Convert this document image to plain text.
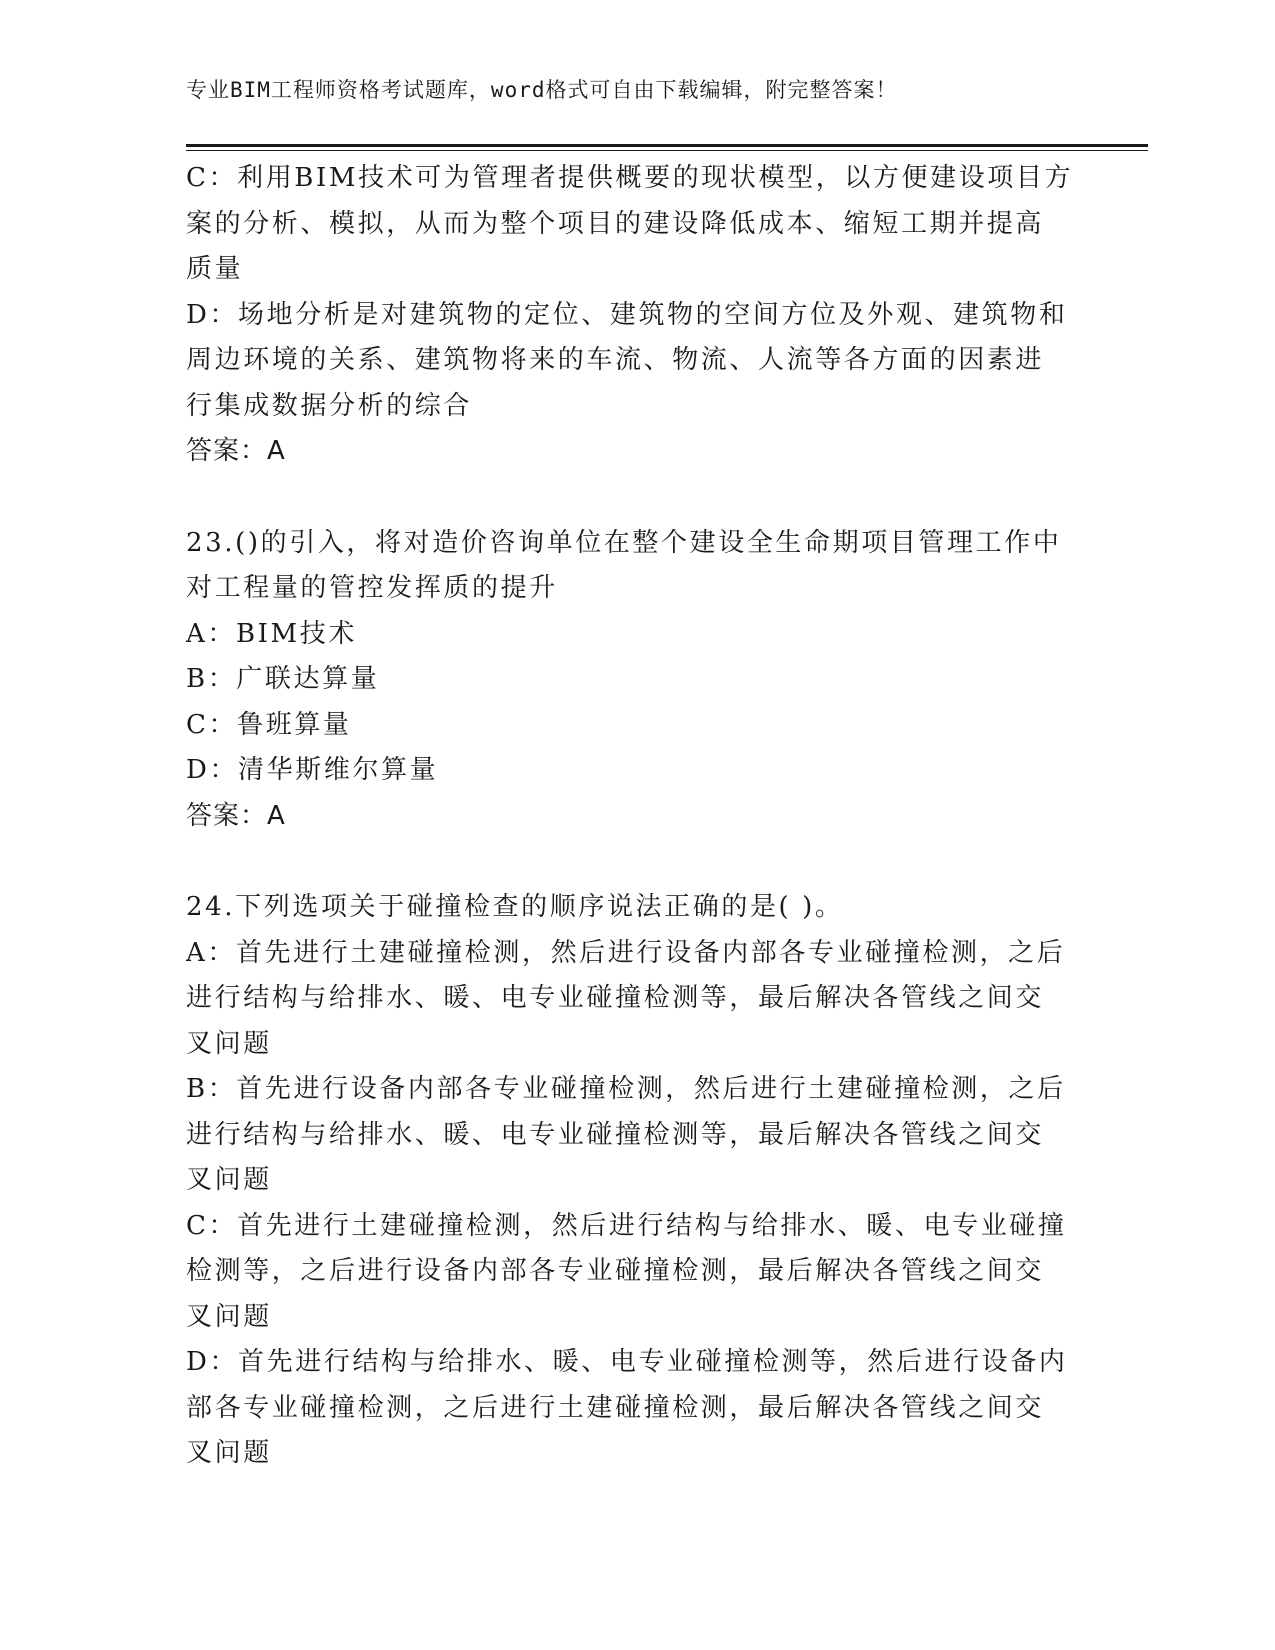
专业BIM工程师资格考试题库，word格式可自由下载编辑，附完整答案！
C：利用BIM技术可为管理者提供概要的现状模型，以方便建设项目方
案的分析、模拟，从而为整个项目的建设降低成本、缩短工期并提高
质量
D：场地分析是对建筑物的定位、建筑物的空间方位及外观、建筑物和
周边环境的关系、建筑物将来的车流、物流、人流等各方面的因素进
行集成数据分析的综合
答案：A
23.()的引入，将对造价咨询单位在整个建设全生命期项目管理工作中
对工程量的管控发挥质的提升
A：BIM技术
B：广联达算量
C：鲁班算量
D：清华斯维尔算量
答案：A
24.下列选项关于碰撞检查的顺序说法正确的是( )。
A：首先进行土建碰撞检测，然后进行设备内部各专业碰撞检测，之后
进行结构与给排水、暖、电专业碰撞检测等，最后解决各管线之间交
叉问题
B：首先进行设备内部各专业碰撞检测，然后进行土建碰撞检测，之后
进行结构与给排水、暖、电专业碰撞检测等，最后解决各管线之间交
叉问题
C：首先进行土建碰撞检测，然后进行结构与给排水、暖、电专业碰撞
检测等，之后进行设备内部各专业碰撞检测，最后解决各管线之间交
叉问题
D：首先进行结构与给排水、暖、电专业碰撞检测等，然后进行设备内
部各专业碰撞检测，之后进行土建碰撞检测，最后解决各管线之间交
叉问题
